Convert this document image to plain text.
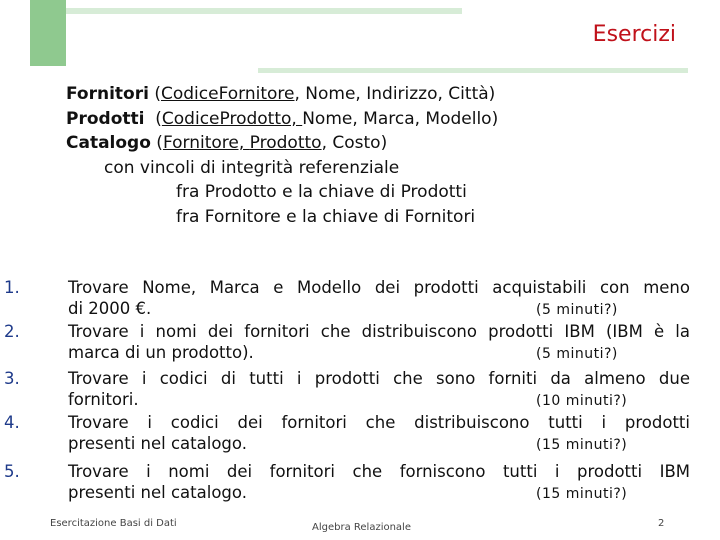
Esercizi
Fornitori (CodiceFornitore, Nome, Indirizzo, Città)
Prodotti  (CodiceProdotto, Nome, Marca, Modello)
Catalogo (Fornitore, Prodotto, Costo)
con vincoli di integrità referenziale
fra Prodotto e la chiave di Prodotti
fra Fornitore e la chiave di Fornitori
1.	Trovare Nome, Marca e Modello dei prodotti acquistabili con meno
di 2000 €.	(5 minuti?)
2.	Trovare i nomi dei fornitori che distribuiscono prodotti IBM (IBM è la
marca di un prodotto).	(5 minuti?)
3.	Trovare i codici di tutti i prodotti che sono forniti da almeno due
fornitori.	(10 minuti?)
4.	Trovare i codici dei fornitori che distribuiscono tutti i prodotti
presenti nel catalogo.	(15 minuti?)
5.	Trovare i nomi dei fornitori che forniscono tutti i prodotti IBM
presenti nel catalogo.	(15 minuti?)
Esercitazione Basi di Dati	Algebra Relazionale	2
